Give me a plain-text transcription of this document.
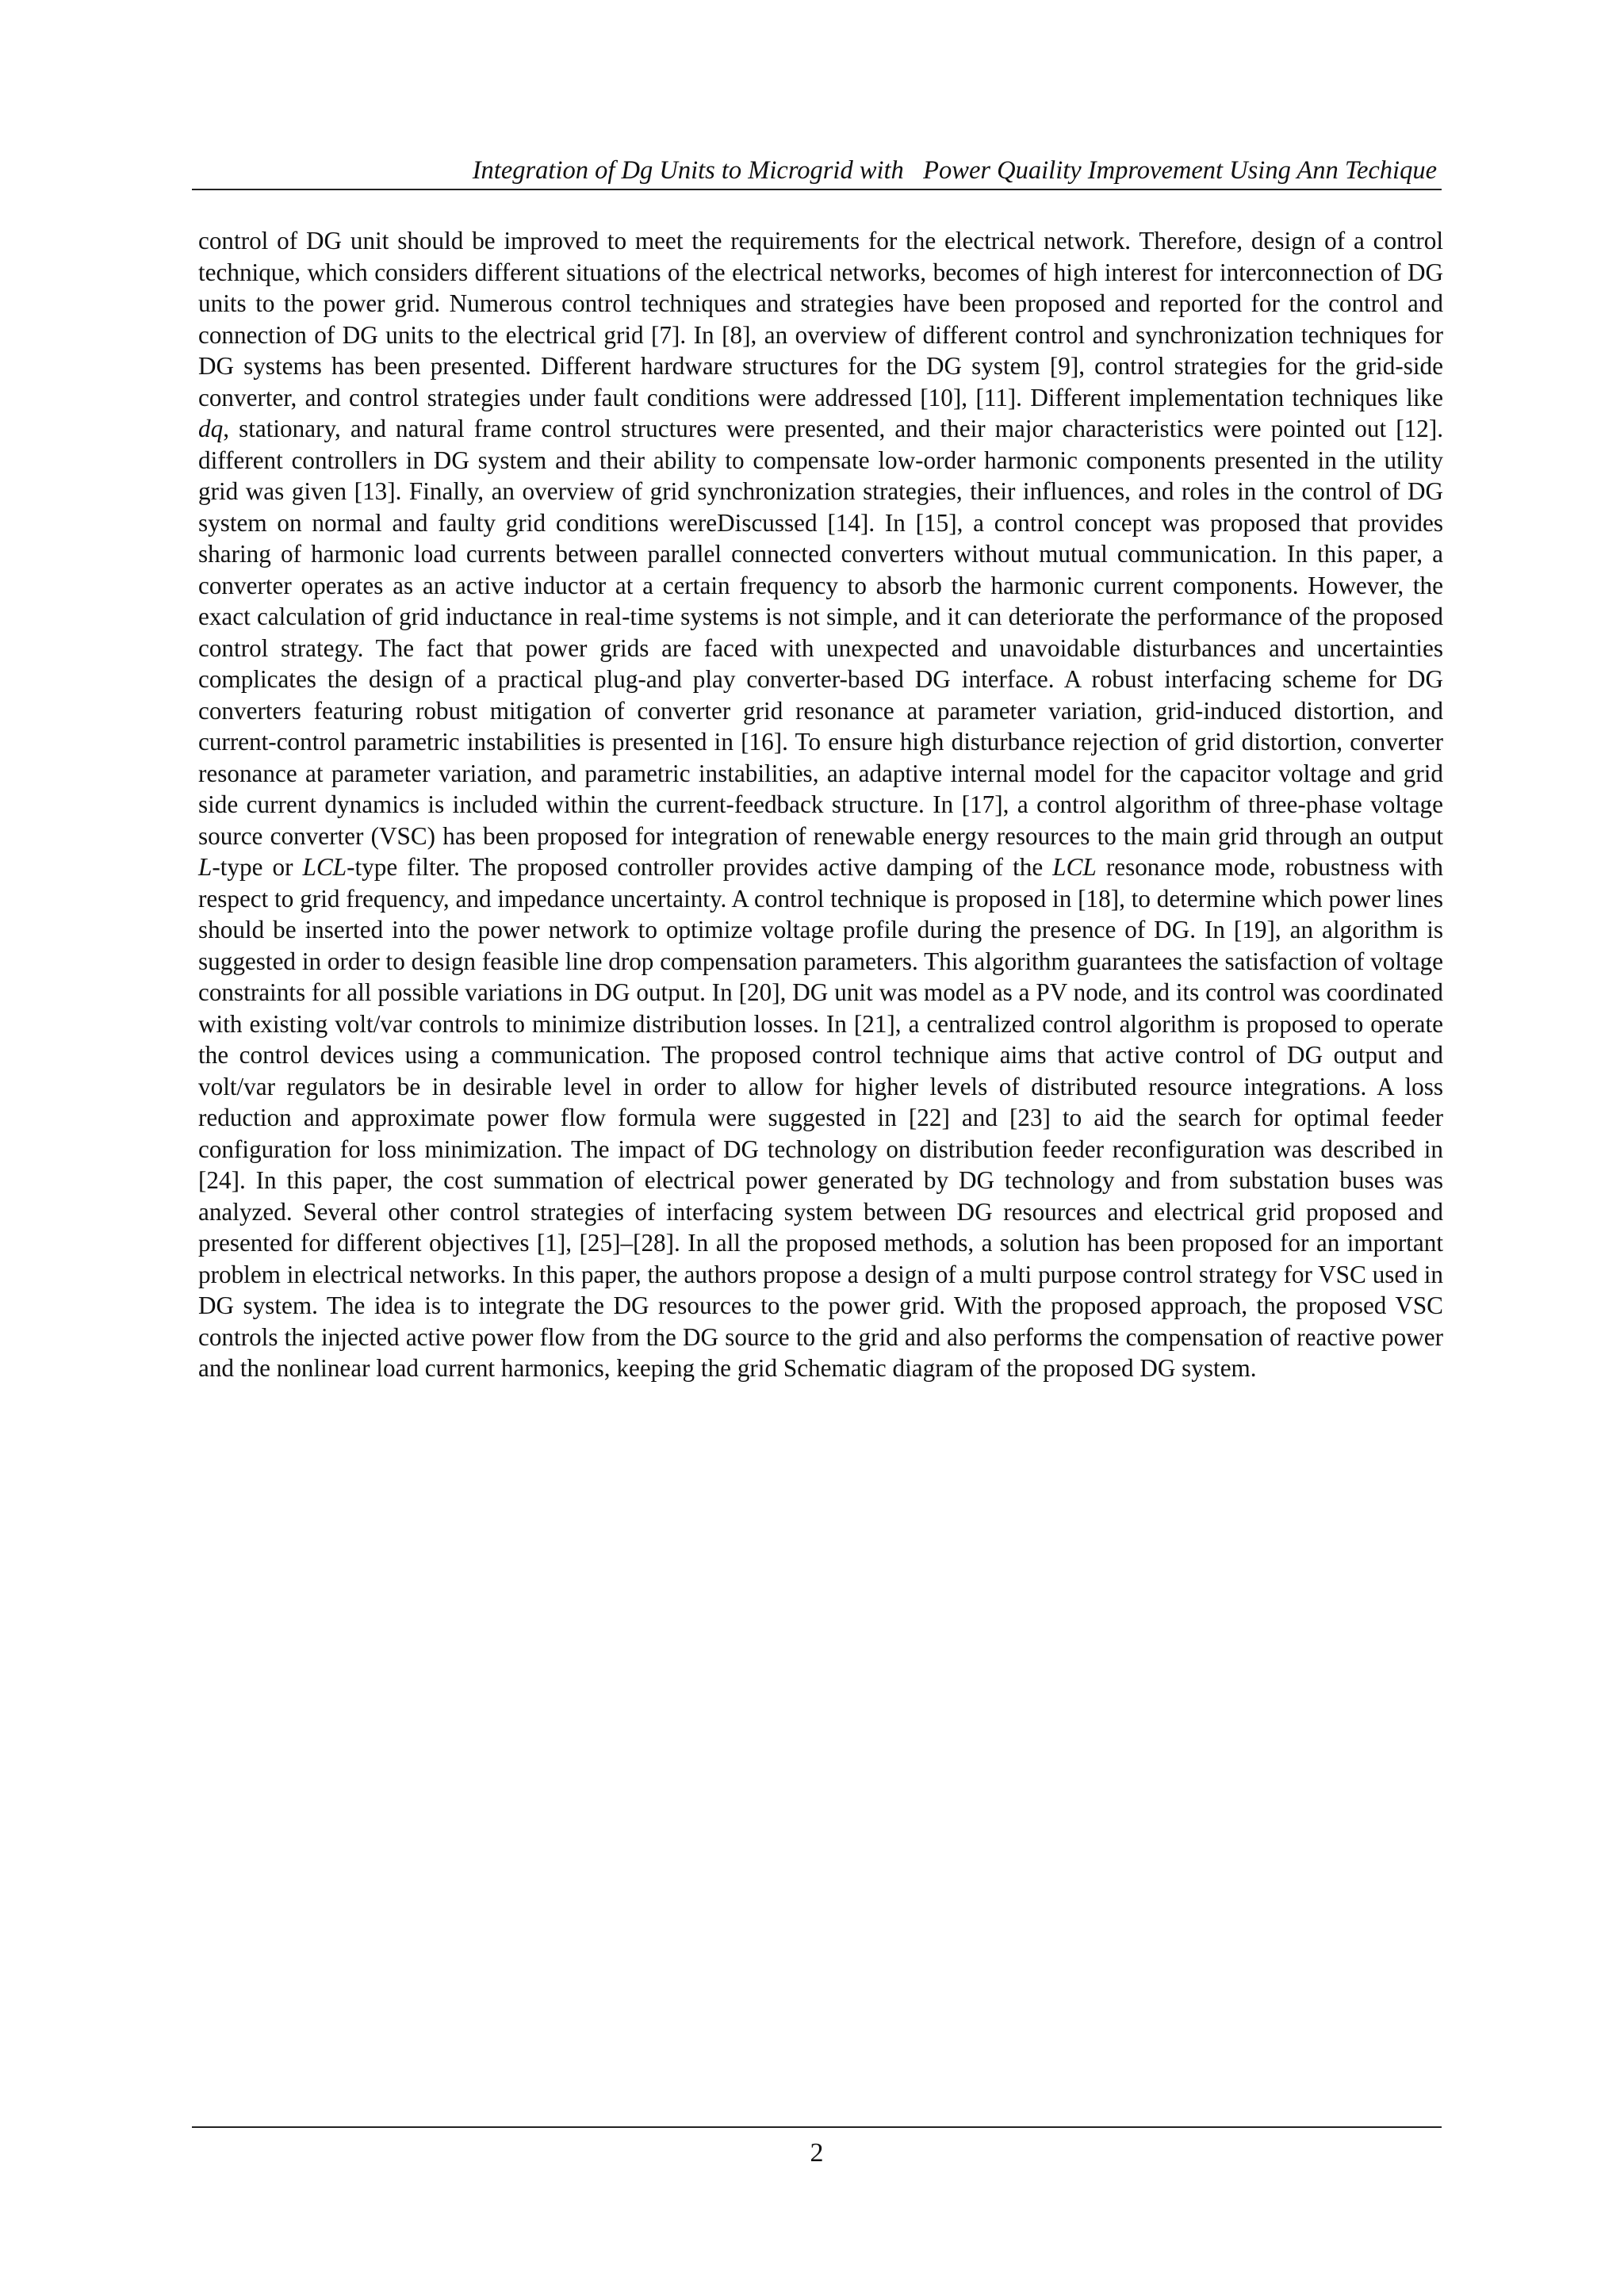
Integration of Dg Units to Microgrid with   Power Quaility Improvement Using Ann Techique

control of DG unit should be improved to meet the requirements for the electrical network. Therefore, design of a control technique, which considers different situations of the electrical networks, becomes of high interest for interconnection of DG units to the power grid. Numerous control techniques and strategies have been proposed and reported for the control and connection of DG units to the electrical grid [7]. In [8], an overview of different control and synchronization techniques for DG systems has been presented. Different hardware structures for the DG system [9], control strategies for the grid-side converter, and control strategies under fault conditions were addressed [10], [11]. Different implementation techniques like dq, stationary, and natural frame control structures were presented, and their major characteristics were pointed out [12]. different controllers in DG system and their ability to compensate low-order harmonic components presented in the utility grid was given [13]. Finally, an overview of grid synchronization strategies, their influences, and roles in the control of DG system on normal and faulty grid conditions wereDiscussed [14]. In [15], a control concept was proposed that provides sharing of harmonic load currents between parallel connected converters without mutual communication. In this paper, a converter operates as an active inductor at a certain frequency to absorb the harmonic current components. However, the exact calculation of grid inductance in real-time systems is not simple, and it can deteriorate the performance of the proposed control strategy. The fact that power grids are faced with unexpected and unavoidable disturbances and uncertainties complicates the design of a practical plug-and play converter-based DG interface. A robust interfacing scheme for DG converters featuring robust mitigation of converter grid resonance at parameter variation, grid-induced distortion, and current-control parametric instabilities is presented in [16]. To ensure high disturbance rejection of grid distortion, converter resonance at parameter variation, and parametric instabilities, an adaptive internal model for the capacitor voltage and grid side current dynamics is included within the current-feedback structure. In [17], a control algorithm of three-phase voltage source converter (VSC) has been proposed for integration of renewable energy resources to the main grid through an output L-type or LCL-type filter. The proposed controller provides active damping of the LCL resonance mode, robustness with respect to grid frequency, and impedance uncertainty. A control technique is proposed in [18], to determine which power lines should be inserted into the power network to optimize voltage profile during the presence of DG. In [19], an algorithm is suggested in order to design feasible line drop compensation parameters. This algorithm guarantees the satisfaction of voltage constraints for all possible variations in DG output. In [20], DG unit was model as a PV node, and its control was coordinated with existing volt/var controls to minimize distribution losses. In [21], a centralized control algorithm is proposed to operate the control devices using a communication. The proposed control technique aims that active control of DG output and volt/var regulators be in desirable level in order to allow for higher levels of distributed resource integrations. A loss reduction and approximate power flow formula were suggested in [22] and [23] to aid the search for optimal feeder configuration for loss minimization. The impact of DG technology on distribution feeder reconfiguration was described in [24]. In this paper, the cost summation of electrical power generated by DG technology and from substation buses was analyzed. Several other control strategies of interfacing system between DG resources and electrical grid proposed and presented for different objectives [1], [25]–[28]. In all the proposed methods, a solution has been proposed for an important problem in electrical networks. In this paper, the authors propose a design of a multi purpose control strategy for VSC used in DG system. The idea is to integrate the DG resources to the power grid. With the proposed approach, the proposed VSC controls the injected active power flow from the DG source to the grid and also performs the compensation of reactive power and the nonlinear load current harmonics, keeping the grid Schematic diagram of the proposed DG system.

2
